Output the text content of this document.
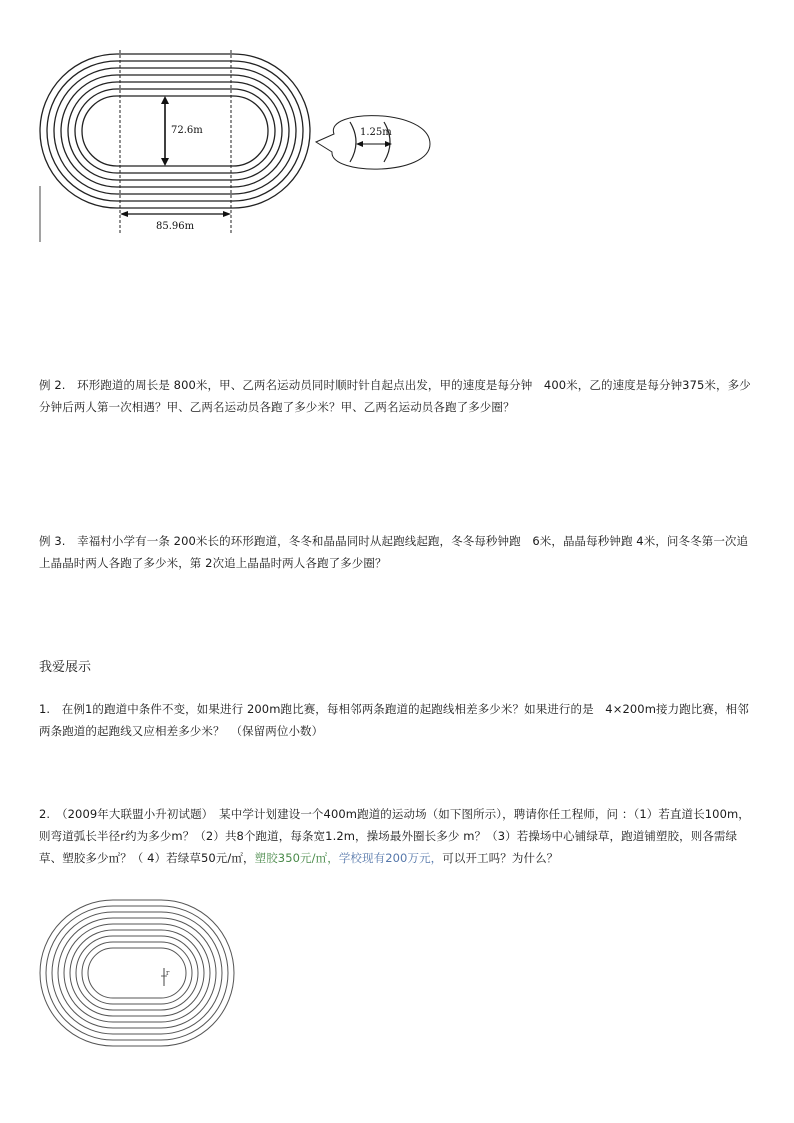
72.6m
85.96m
1.25m

例 2.　环形跑道的周长是 800米，甲、乙两名运动员同时顺时针自起点出发，甲的速度是每分钟　400米，乙的速度是每分钟375米，多少分钟后两人第一次相遇？甲、乙两名运动员各跑了多少米？甲、乙两名运动员各跑了多少圈？

例 3.　幸福村小学有一条 200米长的环形跑道，冬冬和晶晶同时从起跑线起跑，冬冬每秒钟跑　6米，晶晶每秒钟跑 4米，问冬冬第一次追上晶晶时两人各跑了多少米，第 2次追上晶晶时两人各跑了多少圈？

我爱展示

1.　在例1的跑道中条件不变，如果进行 200m跑比赛，每相邻两条跑道的起跑线相差多少米？如果进行的是　4×200m接力跑比赛，相邻两条跑道的起跑线又应相差多少米？　（保留两位小数）

2.　（2009年大联盟小升初试题）　某中学计划建设一个400m跑道的运动场（如下图所示），聘请你任工程师，问 ：（1）若直道长100m，则弯道弧长半径r约为多少m？（2）共8个跑道，每条宽1.2m，操场最外圈长多少 m？（3）若操场中心铺绿草，跑道铺塑胶，则各需绿草、塑胶多少㎡？（ 4）若绿草50元/㎡，塑胶350元/㎡，学校现有200万元，可以开工吗？为什么？

r
